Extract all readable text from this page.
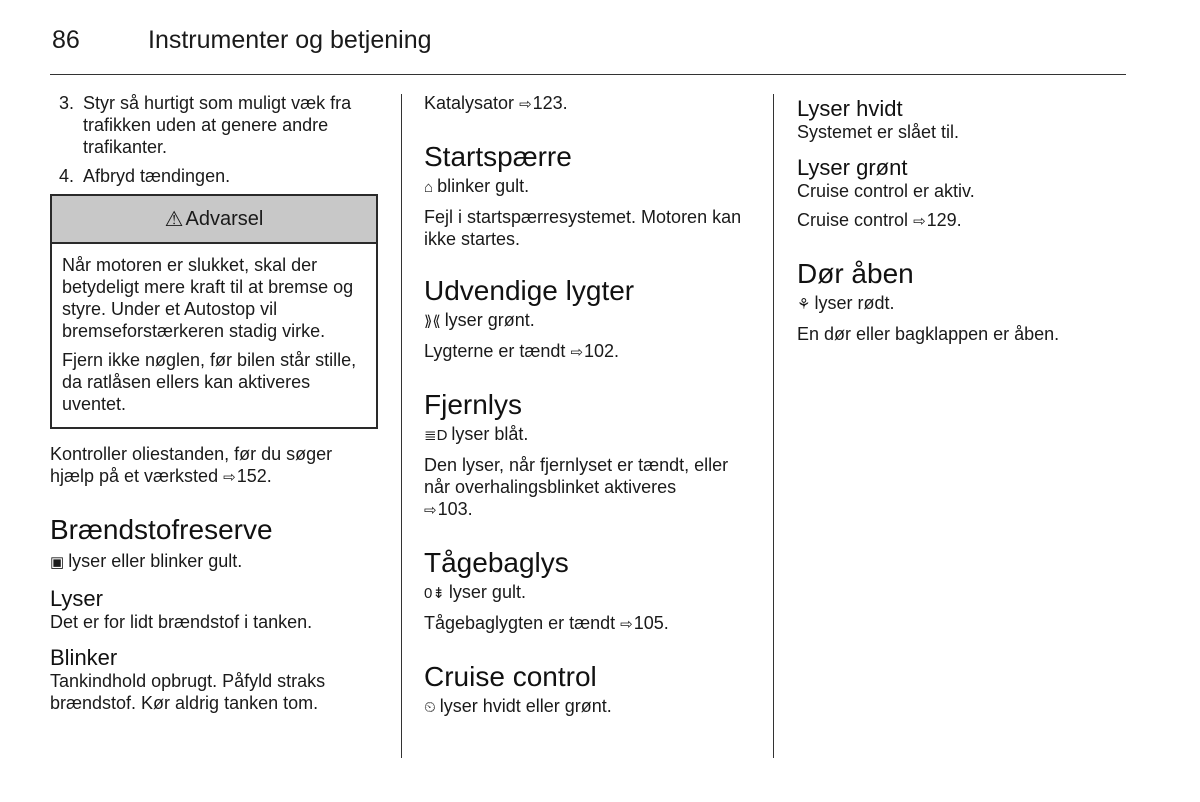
86	Instrumenter og betjening
3. Styr så hurtigt som muligt væk fra trafikken uden at genere andre trafikanter.
4. Afbryd tændingen.
⚠ Advarsel

Når motoren er slukket, skal der betydeligt mere kraft til at bremse og styre. Under et Autostop vil bremseforstærkeren stadig virke.

Fjern ikke nøglen, før bilen står stille, da ratlåsen ellers kan aktiveres uventet.

Kontroller oliestanden, før du søger hjælp på et værksted ⇨152.

Brændstofreserve

▣ lyser eller blinker gult.

Lyser

Det er for lidt brændstof i tanken.

Blinker

Tankindhold opbrugt. Påfyld straks brændstof. Kør aldrig tanken tom.

Katalysator ⇨123.

Startspærre

⌂ blinker gult.

Fejl i startspærresystemet. Motoren kan ikke startes.

Udvendige lygter

⟫⟪ lyser grønt.

Lygterne er tændt ⇨102.

Fjernlys

≣D lyser blåt.

Den lyser, når fjernlyset er tændt, eller når overhalingsblinket aktiveres
⇨103.

Tågebaglys

0⇟ lyser gult.

Tågebaglygten er tændt ⇨105.

Cruise control

⏲ lyser hvidt eller grønt.

Lyser hvidt

Systemet er slået til.

Lyser grønt

Cruise control er aktiv.

Cruise control ⇨129.

Dør åben

⚘ lyser rødt.

En dør eller bagklappen er åben.
